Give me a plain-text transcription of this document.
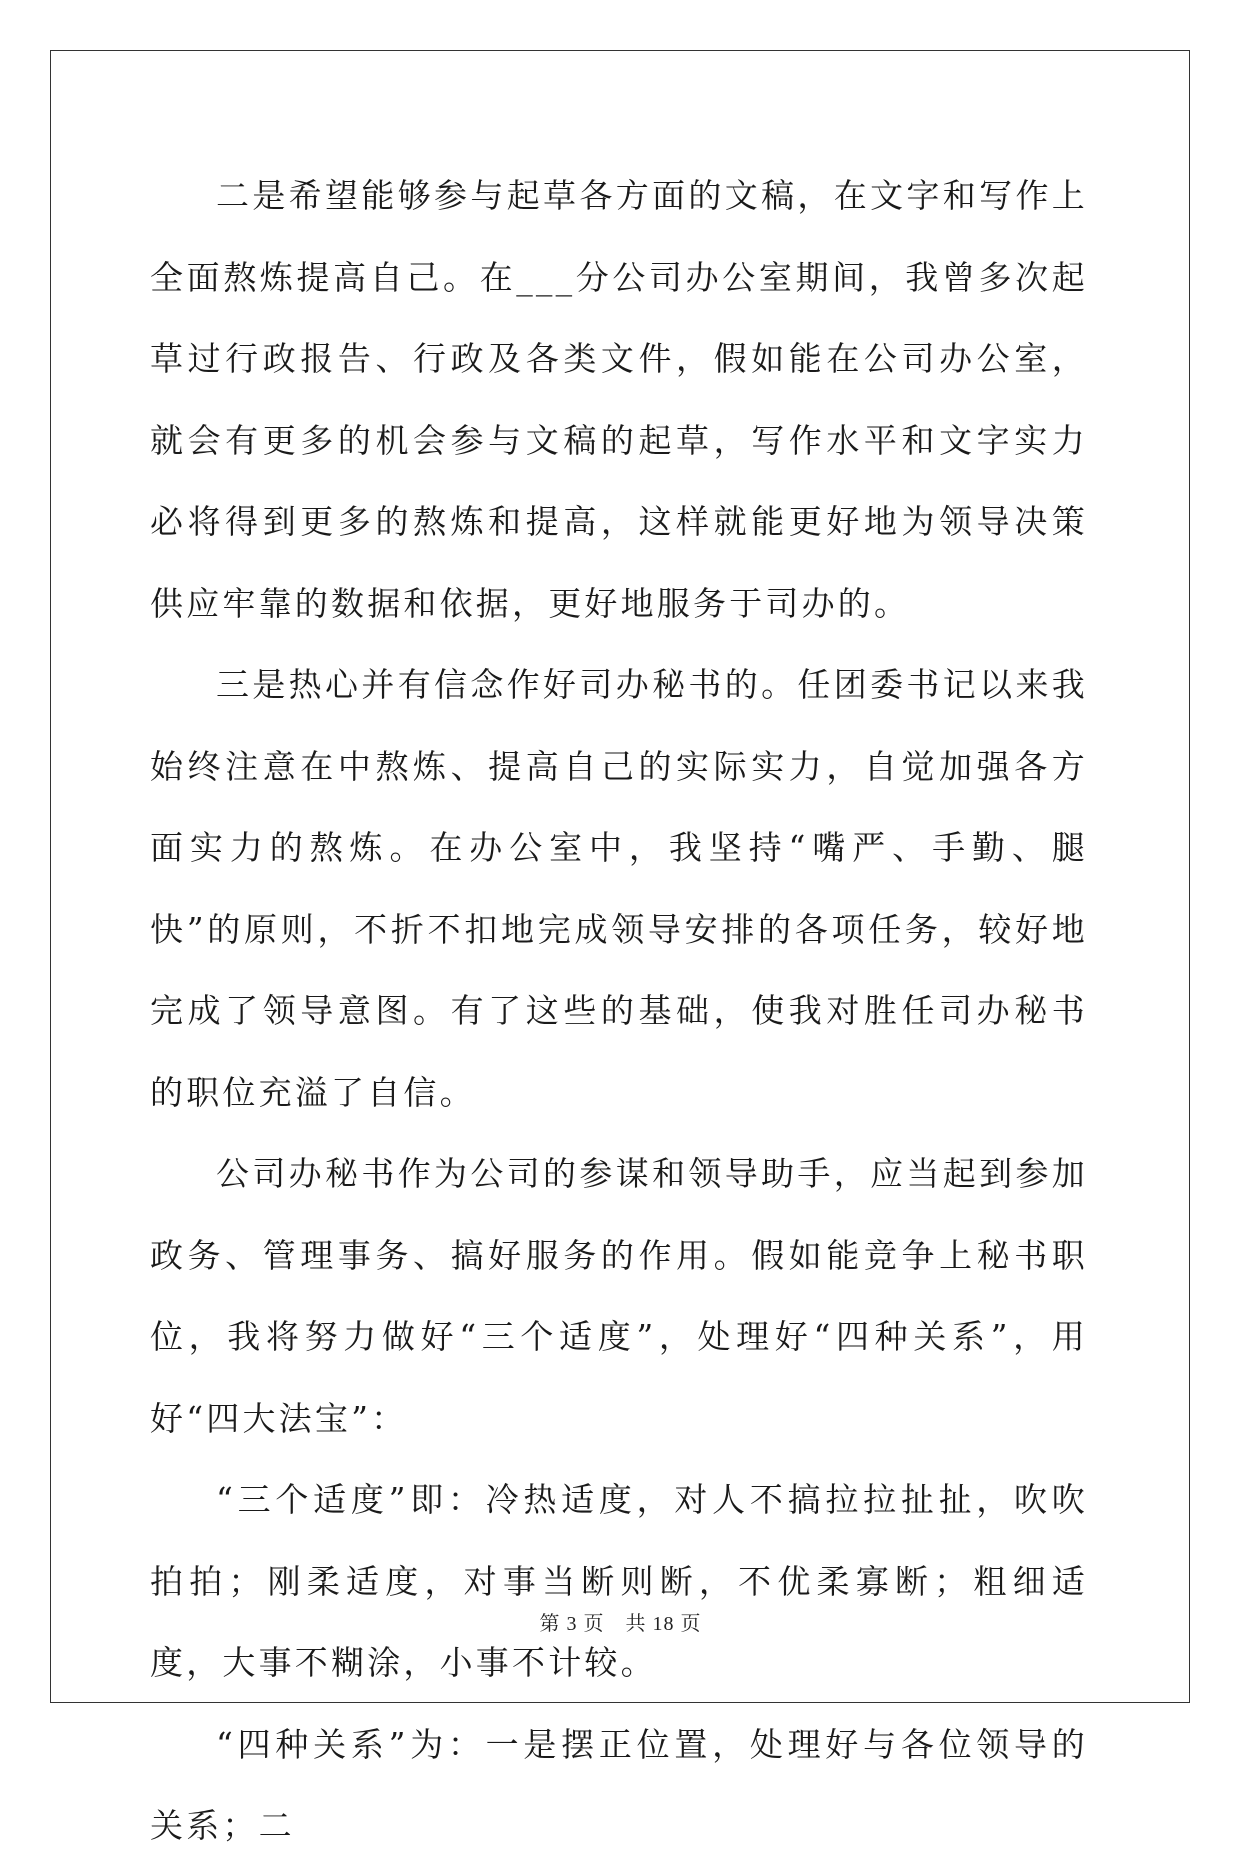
二是希望能够参与起草各方面的文稿，在文字和写作上全面熬炼提高自己。在___分公司办公室期间，我曾多次起草过行政报告、行政及各类文件，假如能在公司办公室，就会有更多的机会参与文稿的起草，写作水平和文字实力必将得到更多的熬炼和提高，这样就能更好地为领导决策供应牢靠的数据和依据，更好地服务于司办的。

三是热心并有信念作好司办秘书的。任团委书记以来我始终注意在中熬炼、提高自己的实际实力，自觉加强各方面实力的熬炼。在办公室中，我坚持“嘴严、手勤、腿快”的原则，不折不扣地完成领导安排的各项任务，较好地完成了领导意图。有了这些的基础，使我对胜任司办秘书的职位充溢了自信。

公司办秘书作为公司的参谋和领导助手，应当起到参加政务、管理事务、搞好服务的作用。假如能竞争上秘书职位，我将努力做好“三个适度”，处理好“四种关系”，用好“四大法宝”：

“三个适度”即：冷热适度，对人不搞拉拉扯扯，吹吹拍拍；刚柔适度，对事当断则断，不优柔寡断；粗细适度，大事不糊涂，小事不计较。

“四种关系”为：一是摆正位置，处理好与各位领导的关系；二

第 3 页　共 18 页
